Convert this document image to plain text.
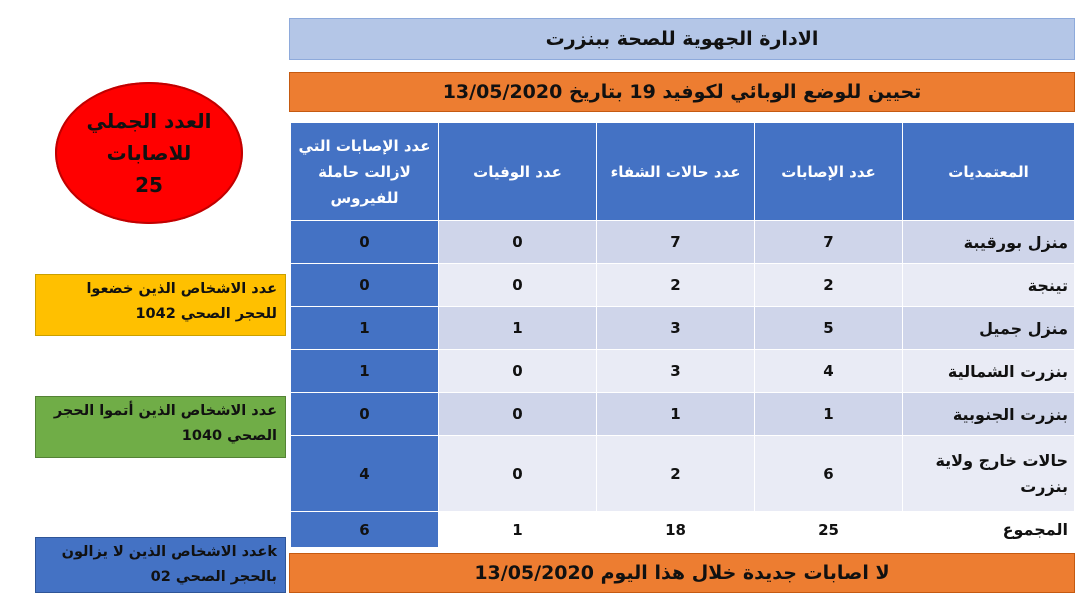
الادارة الجهوية للصحة ببنزرت
تحيين للوضع الوبائي لكوفيد 19 بتاريخ 13/05/2020
العدد الجملي
للاصابات
25
عدد الاشخاص الذين خضعوا للحجر الصحي 1042
عدد الاشخاص الذين أتموا الحجر الصحي 1040
kعدد الاشخاص الذين لا يزالون بالحجر الصحي 02
المعتمديات	عدد الإصابات	عدد حالات الشفاء	عدد الوفيات	عدد الإصابات التي لازالت حاملة للفيروس
منزل بورقيبة	7	7	0	0
تينجة	2	2	0	0
منزل جميل	5	3	1	1
بنزرت الشمالية	4	3	0	1
بنزرت الجنوبية	1	1	0	0
حالات خارج ولاية بنزرت	6	2	0	4
المجموع	25	18	1	6
لا اصابات جديدة خلال هذا اليوم 13/05/2020
